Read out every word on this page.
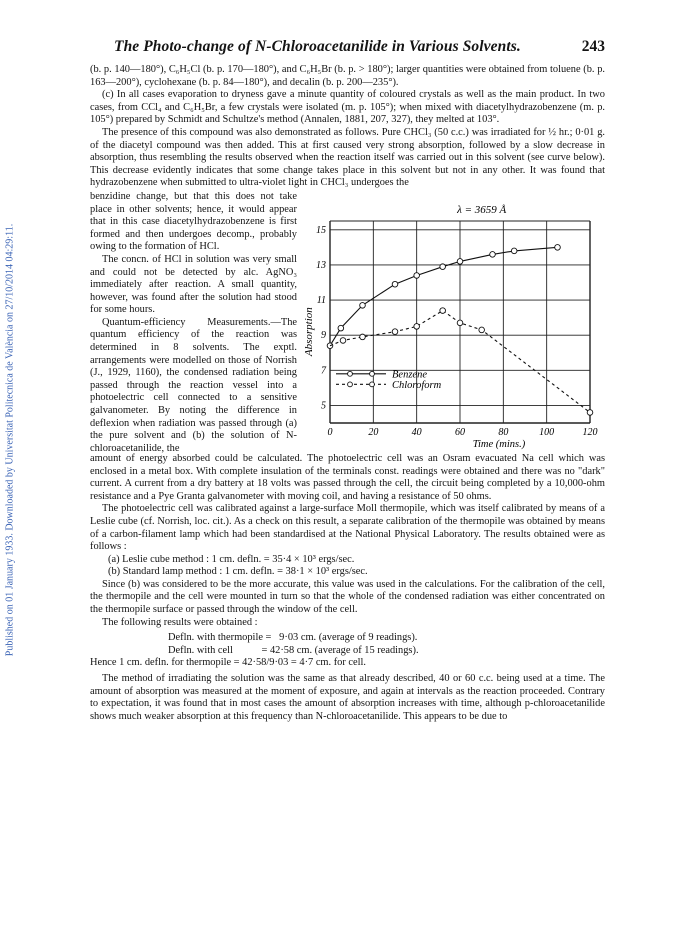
Published on 01 January 1933. Downloaded by Universitat Politecnica de València on 27/10/2014 04:29:11.
The Photo-change of N-Chloroacetanilide in Various Solvents.	243

(b. p. 140—180°), C₆H₅Cl (b. p. 170—180°), and C₆H₅Br (b. p. > 180°); larger quantities were obtained from toluene (b. p. 163—200°), cyclohexane (b. p. 84—180°), and decalin (b. p. 200—235°).

(c) In all cases evaporation to dryness gave a minute quantity of coloured crystals as well as the main product. In two cases, from CCl₄ and C₆H₅Br, a few crystals were isolated (m. p. 105°); when mixed with diacetylhydrazobenzene (m. p. 105°) prepared by Schmidt and Schultze's method (Annalen, 1881, 207, 327), they melted at 103°.

The presence of this compound was also demonstrated as follows. Pure CHCl₃ (50 c.c.) was irradiated for ½ hr.; 0·01 g. of the diacetyl compound was then added. This at first caused very strong absorption, followed by a slow decrease in absorption, thus resembling the results observed when the reaction itself was carried out in this solvent (see curve below). This decrease evidently indicates that some change takes place in this solvent but not in any other. It was found that hydrazobenzene when submitted to ultra-violet light in CHCl₃ undergoes the

benzidine change, but that this does not take place in other solvents; hence, it would appear that in this case diacetylhydrazobenzene is first formed and then undergoes decomp., probably owing to the formation of HCl.

The concn. of HCl in solution was very small and could not be detected by alc. AgNO₃ immediately after reaction. A small quantity, however, was found after the solution had stood for some hours.

Quantum-efficiency Measurements.—The quantum efficiency of the reaction was determined in 8 solvents. The exptl. arrangements were modelled on those of Norrish (J., 1929, 1160), the condensed radiation being passed through the reaction vessel into a photoelectric cell connected to a sensitive galvanometer. By noting the difference in deflexion when radiation was passed through (a) the pure solvent and (b) the solution of N-chloroacetanilide, the

0	20	40	60	80	100	120
5
7
9
11
13
15
λ = 3659 Å
Time (mins.)
Absorption
Benzene
Chloroform

amount of energy absorbed could be calculated. The photoelectric cell was an Osram evacuated Na cell which was enclosed in a metal box. With complete insulation of the terminals const. readings were obtained and there was no "dark" current. A current from a dry battery at 18 volts was passed through the cell, the circuit being completed by a 10,000-ohm resistance and a Pye Granta galvanometer with moving coil, and having a resistance of 50 ohms.

The photoelectric cell was calibrated against a large-surface Moll thermopile, which was itself calibrated by means of a Leslie cube (cf. Norrish, loc. cit.). As a check on this result, a separate calibration of the thermopile was obtained by means of a carbon-filament lamp which had been standardised at the National Physical Laboratory. The results obtained were as follows :

(a) Leslie cube method : 1 cm. defln. = 35·4 × 10³ ergs/sec.
(b) Standard lamp method : 1 cm. defln. = 38·1 × 10³ ergs/sec.

Since (b) was considered to be the more accurate, this value was used in the calculations. For the calibration of the cell, the thermopile and the cell were mounted in turn so that the whole of the condensed radiation was either concentrated on the thermopile surface or passed through the window of the cell.

The following results were obtained :

Defln. with thermopile =   9·03 cm. (average of 9 readings).
Defln. with cell           = 42·58 cm. (average of 15 readings).

Hence 1 cm. defln. for thermopile = 42·58/9·03 = 4·7 cm. for cell.

The method of irradiating the solution was the same as that already described, 40 or 60 c.c. being used at a time. The amount of absorption was measured at the moment of exposure, and again at intervals as the reaction proceeded. Contrary to expectation, it was found that in most cases the amount of absorption increases with time, although p-chloroacetanilide shows much weaker absorption at this frequency than N-chloroacetanilide. This appears to be due to
